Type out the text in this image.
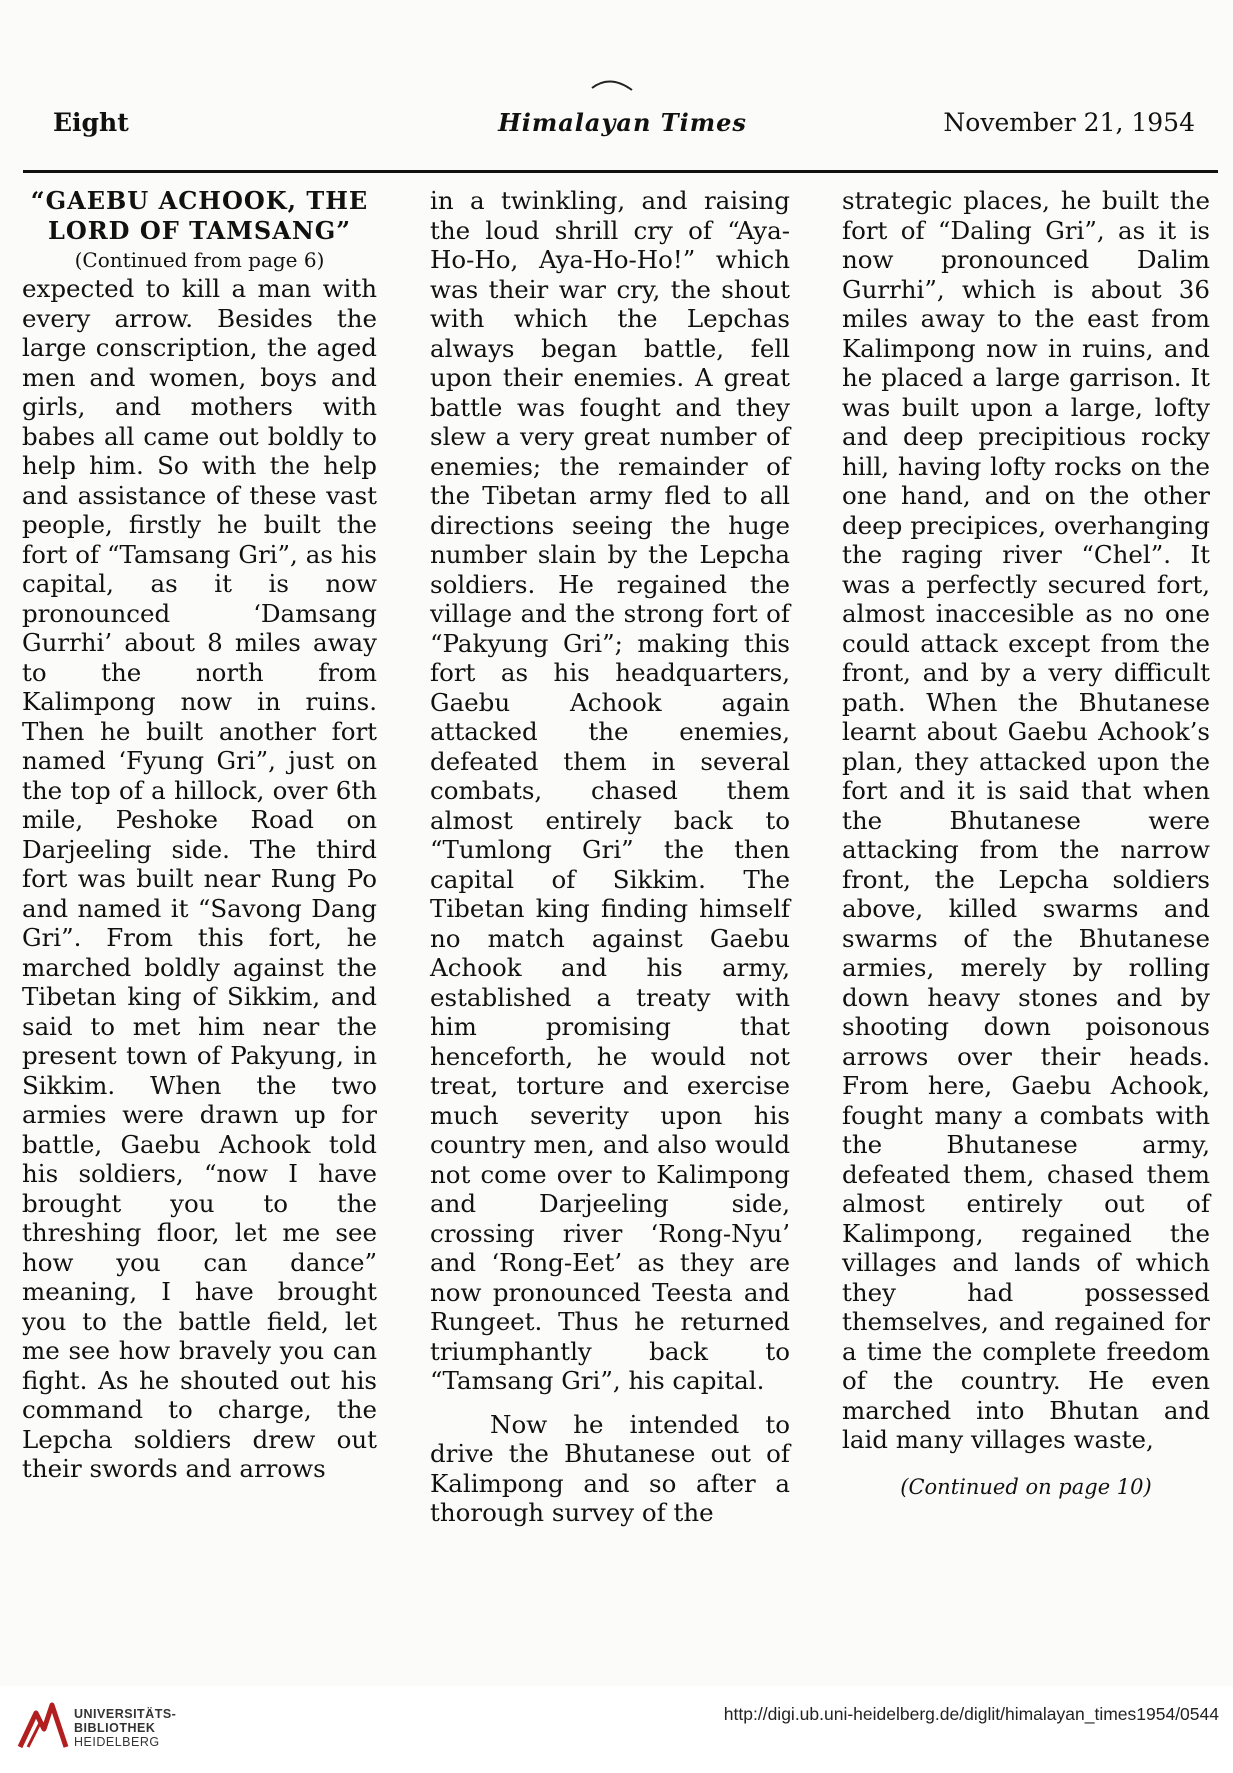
Eight	Himalayan Times	November 21, 1954

“GAEBU ACHOOK, THE

LORD OF TAMSANG”

(Continued from page 6)

expected to kill a man with every arrow. Besides the large conscription, the aged men and women, boys and girls, and mothers with babes all came out boldly to help him. So with the help and assistance of these vast people, firstly he built the fort of “Tamsang Gri”, as his capital, as it is now pronounced ‘Damsang Gurrhi’ about 8 miles away to the north from Kalimpong now in ruins. Then he built another fort named ‘Fyung Gri”, just on the top of a hillock, over 6th mile, Peshoke Road on Darjeeling side. The third fort was built near Rung Po and named it “Savong Dang Gri”. From this fort, he marched boldly against the Tibetan king of Sikkim, and said to met him near the present town of Pakyung, in Sikkim. When the two armies were drawn up for battle, Gaebu Achook told his soldiers, “now I have brought you to the threshing floor, let me see how you can dance” meaning, I have brought you to the battle field, let me see how bravely you can fight. As he shouted out his command to charge, the Lepcha soldiers drew out their swords and arrows

in a twinkling, and raising the loud shrill cry of “Aya-Ho-Ho, Aya-Ho-Ho!” which was their war cry, the shout with which the Lepchas always began battle, fell upon their enemies. A great battle was fought and they slew a very great number of enemies; the remainder of the Tibetan army fled to all directions seeing the huge number slain by the Lepcha soldiers. He regained the village and the strong fort of “Pakyung Gri”; making this fort as his headquarters, Gaebu Achook again attacked the enemies, defeated them in several combats, chased them almost entirely back to “Tumlong Gri” the then capital of Sikkim. The Tibetan king finding himself no match against Gaebu Achook and his army, established a treaty with him promising that henceforth, he would not treat, torture and exercise much severity upon his country men, and also would not come over to Kalimpong and Darjeeling side, crossing river ‘Rong-Nyu’ and ‘Rong-Eet’ as they are now pronounced Teesta and Rungeet. Thus he returned triumphantly back to “Tamsang Gri”, his capital.

Now he intended to drive the Bhutanese out of Kalimpong and so after a thorough survey of the

strategic places, he built the fort of “Daling Gri”, as it is now pronounced Dalim Gurrhi”, which is about 36 miles away to the east from Kalimpong now in ruins, and he placed a large garrison. It was built upon a large, lofty and deep precipitious rocky hill, having lofty rocks on the one hand, and on the other deep precipices, overhanging the raging river “Chel”. It was a perfectly secured fort, almost inaccesible as no one could attack except from the front, and by a very difficult path. When the Bhutanese learnt about Gaebu Achook’s plan, they attacked upon the fort and it is said that when the Bhutanese were attacking from the narrow front, the Lepcha soldiers above, killed swarms and swarms of the Bhutanese armies, merely by rolling down heavy stones and by shooting down poisonous arrows over their heads. From here, Gaebu Achook, fought many a combats with the Bhutanese army, defeated them, chased them almost entirely out of Kalimpong, regained the villages and lands of which they had possessed themselves, and regained for a time the complete freedom of the country. He even marched into Bhutan and laid many villages waste,

(Continued on page 10)

UNIVERSITÄTS-
BIBLIOTHEK
HEIDELBERG
http://digi.ub.uni-heidelberg.de/diglit/himalayan_times1954/0544
